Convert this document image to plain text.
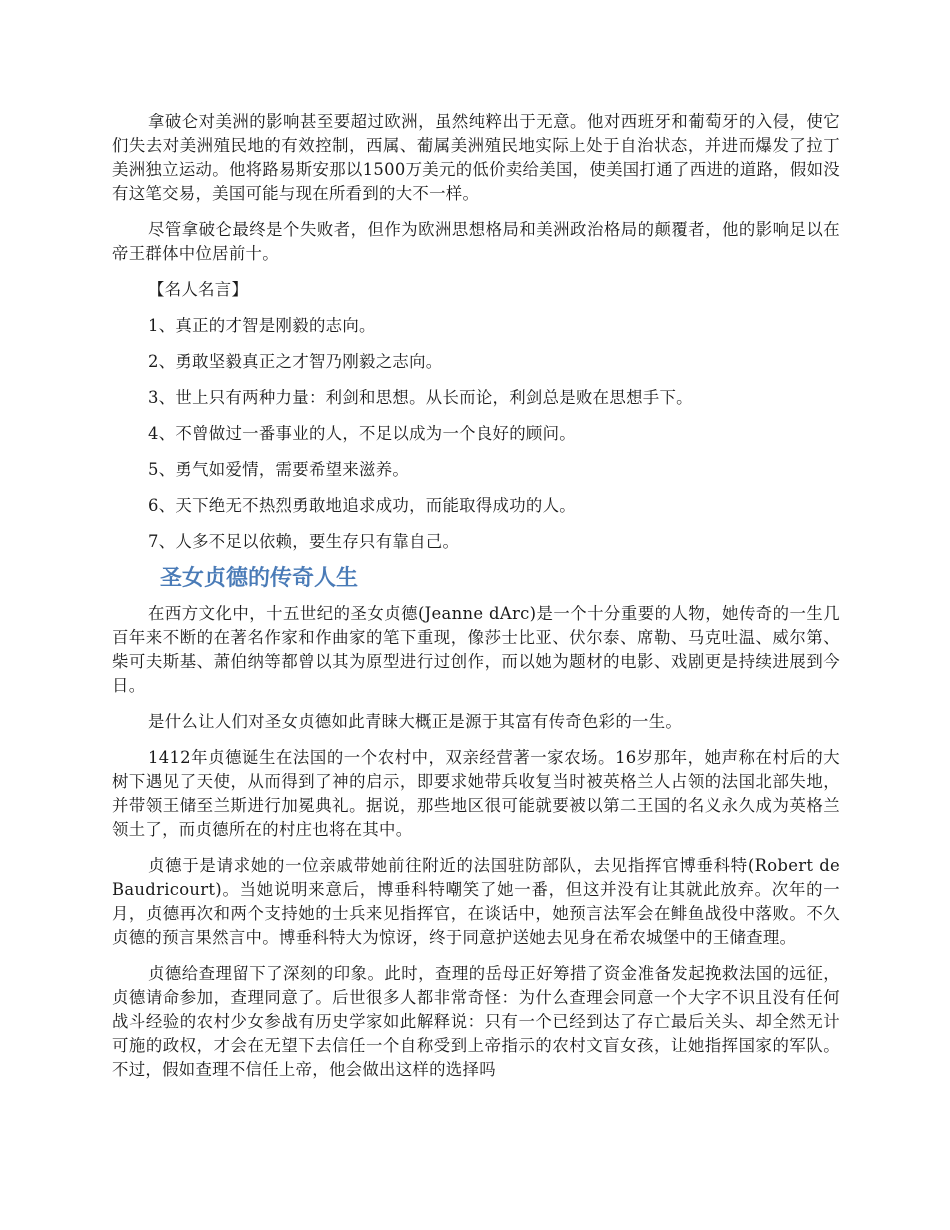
拿破仑对美洲的影响甚至要超过欧洲，虽然纯粹出于无意。他对西班牙和葡萄牙的入侵，使它们失去对美洲殖民地的有效控制，西属、葡属美洲殖民地实际上处于自治状态，并进而爆发了拉丁美洲独立运动。他将路易斯安那以1500万美元的低价卖给美国，使美国打通了西进的道路，假如没有这笔交易，美国可能与现在所看到的大不一样。

尽管拿破仑最终是个失败者，但作为欧洲思想格局和美洲政治格局的颠覆者，他的影响足以在帝王群体中位居前十。

【名人名言】

1、真正的才智是刚毅的志向。

2、勇敢坚毅真正之才智乃刚毅之志向。

3、世上只有两种力量：利剑和思想。从长而论，利剑总是败在思想手下。

4、不曾做过一番事业的人，不足以成为一个良好的顾问。

5、勇气如爱情，需要希望来滋养。

6、天下绝无不热烈勇敢地追求成功，而能取得成功的人。

7、人多不足以依赖，要生存只有靠自己。

圣女贞德的传奇人生

在西方文化中，十五世纪的圣女贞德(Jeanne dArc)是一个十分重要的人物，她传奇的一生几百年来不断的在著名作家和作曲家的笔下重现，像莎士比亚、伏尔泰、席勒、马克吐温、威尔第、柴可夫斯基、萧伯纳等都曾以其为原型进行过创作，而以她为题材的电影、戏剧更是持续进展到今日。

是什么让人们对圣女贞德如此青睐大概正是源于其富有传奇色彩的一生。

1412年贞德诞生在法国的一个农村中，双亲经营著一家农场。16岁那年，她声称在村后的大树下遇见了天使，从而得到了神的启示，即要求她带兵收复当时被英格兰人占领的法国北部失地，并带领王储至兰斯进行加冕典礼。据说，那些地区很可能就要被以第二王国的名义永久成为英格兰领土了，而贞德所在的村庄也将在其中。

贞德于是请求她的一位亲戚带她前往附近的法国驻防部队，去见指挥官博垂科特(Robert de Baudricourt)。当她说明来意后，博垂科特嘲笑了她一番，但这并没有让其就此放弃。次年的一月，贞德再次和两个支持她的士兵来见指挥官，在谈话中，她预言法军会在鲱鱼战役中落败。不久贞德的预言果然言中。博垂科特大为惊讶，终于同意护送她去见身在希农城堡中的王储查理。

贞德给查理留下了深刻的印象。此时，查理的岳母正好筹措了资金准备发起挽救法国的远征，贞德请命参加，查理同意了。后世很多人都非常奇怪：为什么查理会同意一个大字不识且没有任何战斗经验的农村少女参战有历史学家如此解释说：只有一个已经到达了存亡最后关头、却全然无计可施的政权，才会在无望下去信任一个自称受到上帝指示的农村文盲女孩，让她指挥国家的军队。不过，假如查理不信任上帝，他会做出这样的选择吗
